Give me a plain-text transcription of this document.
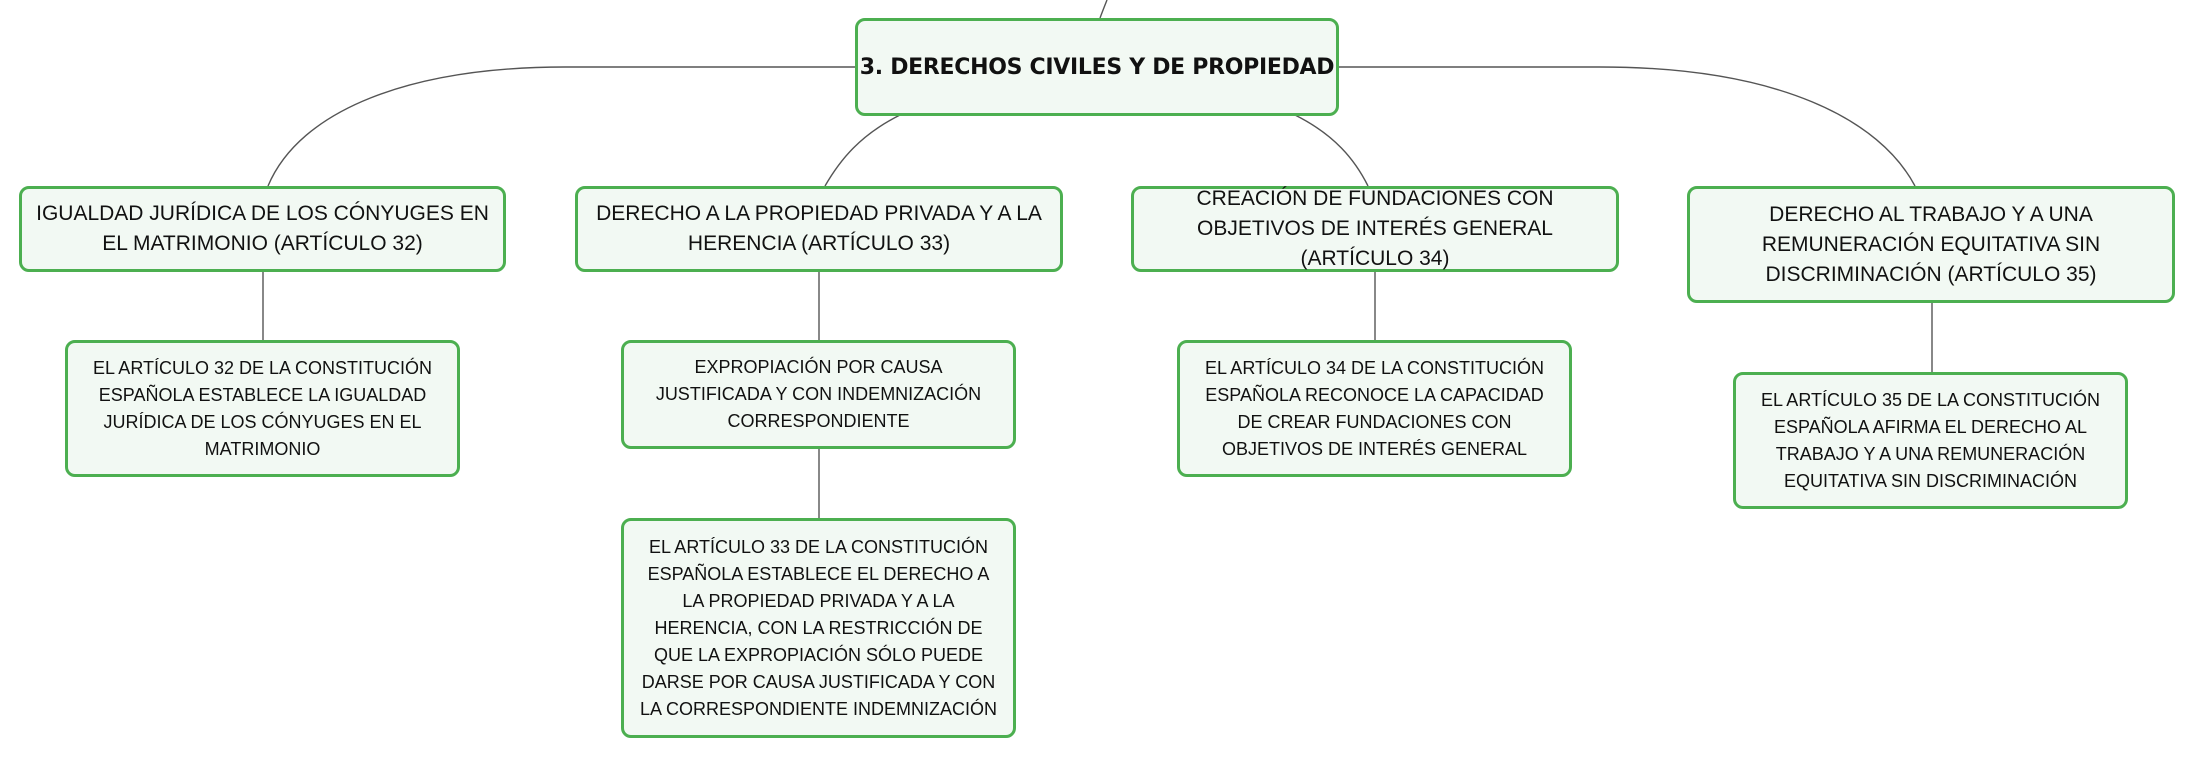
3. DERECHOS CIVILES Y DE PROPIEDAD
IGUALDAD JURÍDICA DE LOS CÓNYUGES EN EL MATRIMONIO (ARTÍCULO 32)
EL ARTÍCULO 32 DE LA CONSTITUCIÓN ESPAÑOLA ESTABLECE LA IGUALDAD JURÍDICA DE LOS CÓNYUGES EN EL MATRIMONIO
DERECHO A LA PROPIEDAD PRIVADA Y A LA HERENCIA (ARTÍCULO 33)
EXPROPIACIÓN POR CAUSA JUSTIFICADA Y CON INDEMNIZACIÓN CORRESPONDIENTE
EL ARTÍCULO 33 DE LA CONSTITUCIÓN ESPAÑOLA ESTABLECE EL DERECHO A LA PROPIEDAD PRIVADA Y A LA HERENCIA, CON LA RESTRICCIÓN DE QUE LA EXPROPIACIÓN SÓLO PUEDE DARSE POR CAUSA JUSTIFICADA Y CON LA CORRESPONDIENTE INDEMNIZACIÓN
CREACIÓN DE FUNDACIONES CON OBJETIVOS DE INTERÉS GENERAL (ARTÍCULO 34)
EL ARTÍCULO 34 DE LA CONSTITUCIÓN ESPAÑOLA RECONOCE LA CAPACIDAD DE CREAR FUNDACIONES CON OBJETIVOS DE INTERÉS GENERAL
DERECHO AL TRABAJO Y A UNA REMUNERACIÓN EQUITATIVA SIN DISCRIMINACIÓN (ARTÍCULO 35)
EL ARTÍCULO 35 DE LA CONSTITUCIÓN ESPAÑOLA AFIRMA EL DERECHO AL TRABAJO Y A UNA REMUNERACIÓN EQUITATIVA SIN DISCRIMINACIÓN
